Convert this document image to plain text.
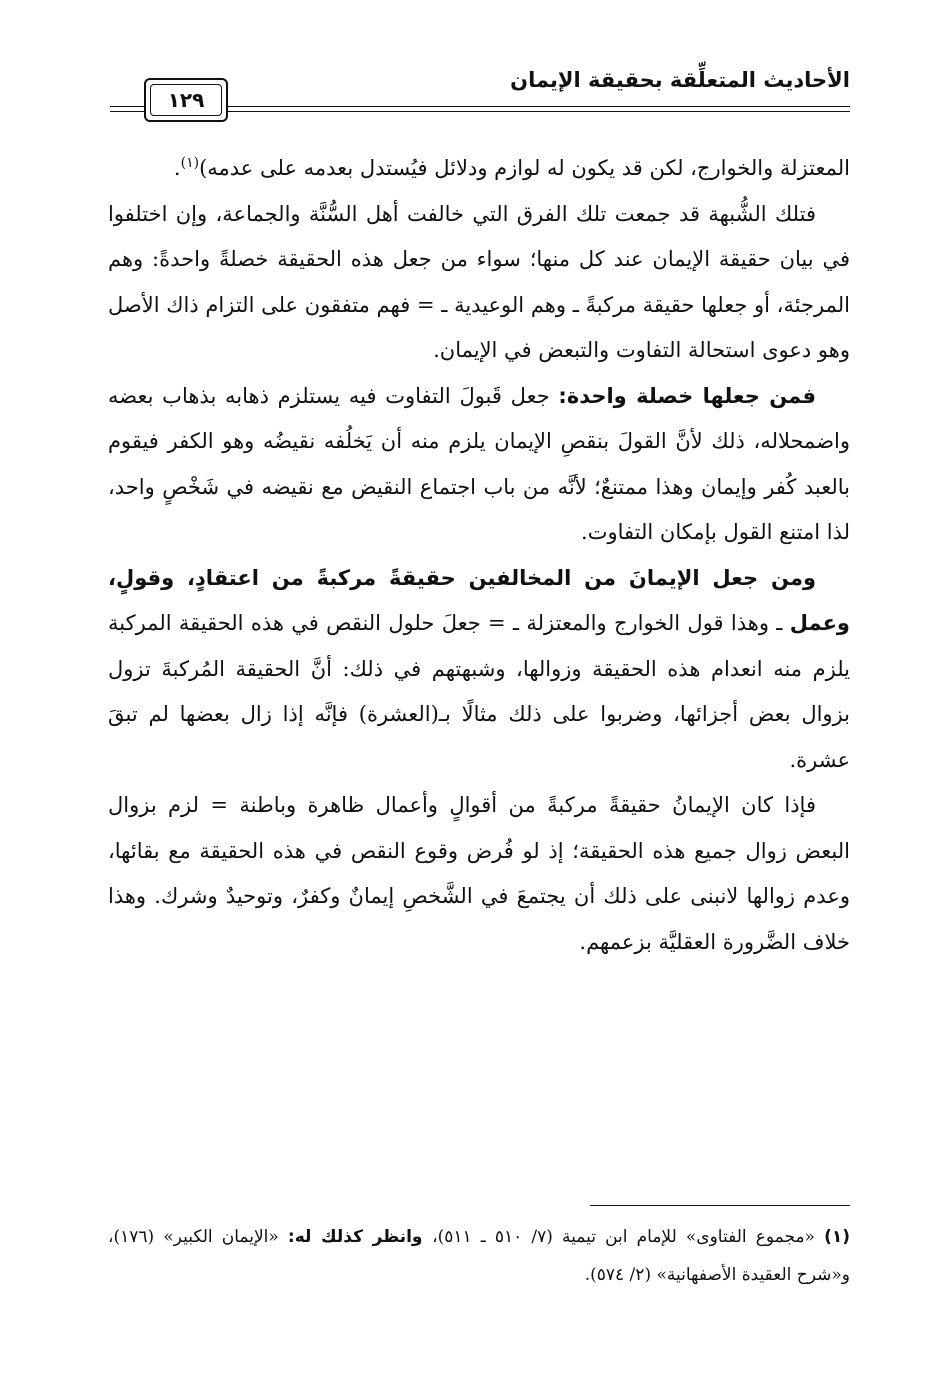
الأحاديث المتعلِّقة بحقيقة الإيمان
١٢٩

المعتزلة والخوارج، لكن قد يكون له لوازم ودلائل فيُستدل بعدمه على عدمه)$^{(١)}$.

فتلك الشُّبهة قد جمعت تلك الفرق التي خالفت أهل السُّنَّة والجماعة، وإن اختلفوا في بيان حقيقة الإيمان عند كل منها؛ سواء من جعل هذه الحقيقة خصلةً واحدةً: وهم المرجئة، أو جعلها حقيقة مركبةً ـ وهم الوعيدية ـ = فهم متفقون على التزام ذاك الأصل وهو دعوى استحالة التفاوت والتبعض في الإيمان.

فمن جعلها خصلة واحدة: جعل قَبولَ التفاوت فيه يستلزم ذهابه بذهاب بعضه واضمحلاله، ذلك لأنَّ القولَ بنقصِ الإيمان يلزم منه أن يَخلُفه نقيضُه وهو الكفر فيقوم بالعبد كُفر وإيمان وهذا ممتنعٌ؛ لأنَّه من باب اجتماع النقيض مع نقيضه في شَخْصٍ واحد، لذا امتنع القول بإمكان التفاوت.

ومن جعل الإيمانَ من المخالفين حقيقةً مركبةً من اعتقادٍ، وقولٍ، وعمل ـ وهذا قول الخوارج والمعتزلة ـ = جعلَ حلول النقص في هذه الحقيقة المركبة يلزم منه انعدام هذه الحقيقة وزوالها، وشبهتهم في ذلك: أنَّ الحقيقة المُركبةَ تزول بزوال بعض أجزائها، وضربوا على ذلك مثالًا بـ(العشرة) فإنَّه إذا زال بعضها لم تبقَ عشرة.

فإذا كان الإيمانُ حقيقةً مركبةً من أقوالٍ وأعمال ظاهرة وباطنة = لزم بزوال البعض زوال جميع هذه الحقيقة؛ إذ لو فُرض وقوع النقص في هذه الحقيقة مع بقائها، وعدم زوالها لانبنى على ذلك أن يجتمعَ في الشَّخصِ إيمانٌ وكفرٌ، وتوحيدٌ وشرك. وهذا خلاف الضَّرورة العقليَّة بزعمهم.

(١) «مجموع الفتاوى» للإمام ابن تيمية (٧/ ٥١٠ ـ ٥١١)، وانظر كذلك له: «الإيمان الكبير» (١٧٦)، و«شرح العقيدة الأصفهانية» (٢/ ٥٧٤).
